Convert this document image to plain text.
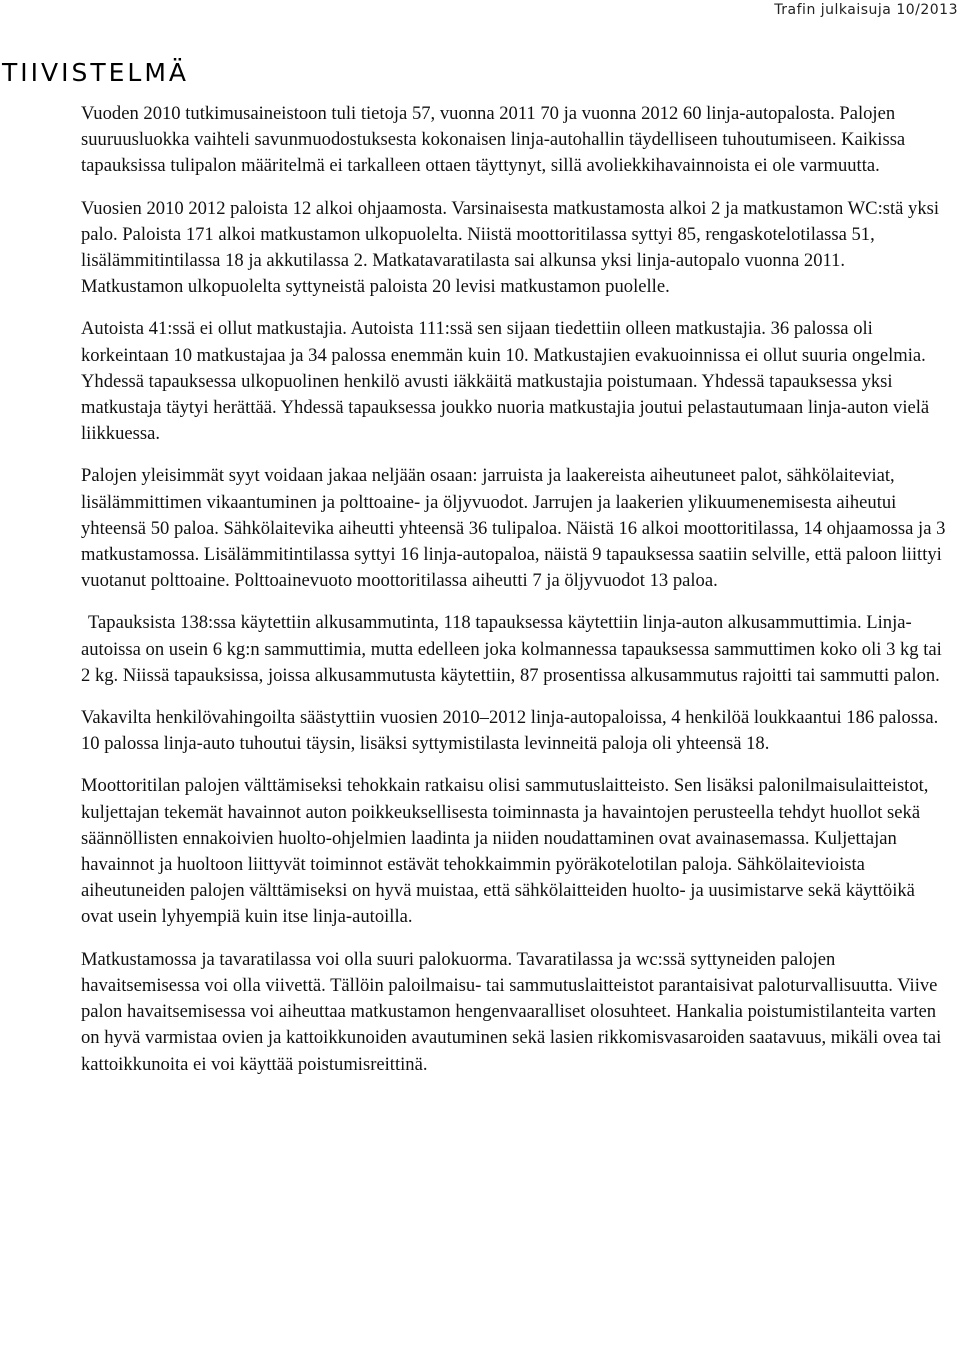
Trafin julkaisuja 10/2013
TIIVISTELMÄ

Vuoden 2010 tutkimusaineistoon tuli tietoja 57, vuonna 2011 70 ja vuonna 2012 60 linja-autopalosta. Palojen suuruusluokka vaihteli savunmuodostuksesta kokonaisen linja-autohallin täydelliseen tuhoutumiseen. Kaikissa tapauksissa tulipalon määritelmä ei tarkalleen ottaen täyttynyt, sillä avoliekkihavainnoista ei ole varmuutta.

Vuosien 2010 2012 paloista 12 alkoi ohjaamosta. Varsinaisesta matkustamosta alkoi 2 ja matkustamon WC:stä yksi palo. Paloista 171 alkoi matkustamon ulkopuolelta. Niistä moottoritilassa syttyi 85, rengaskotelotilassa 51, lisälämmitintilassa 18 ja akkutilassa 2. Matkatavaratilasta sai alkunsa yksi linja-autopalo vuonna 2011. Matkustamon ulkopuolelta syttyneistä paloista 20 levisi matkustamon puolelle.

Autoista 41:ssä ei ollut matkustajia. Autoista 111:ssä sen sijaan tiedettiin olleen matkustajia. 36 palossa oli korkeintaan 10 matkustajaa ja 34 palossa enemmän kuin 10. Matkustajien evakuoinnissa ei ollut suuria ongelmia. Yhdessä tapauksessa ulkopuolinen henkilö avusti iäkkäitä matkustajia poistumaan. Yhdessä tapauksessa yksi matkustaja täytyi herättää. Yhdessä tapauksessa joukko nuoria matkustajia joutui pelastautumaan linja-auton vielä liikkuessa.

Palojen yleisimmät syyt voidaan jakaa neljään osaan: jarruista ja laakereista aiheutuneet palot, sähkölaiteviat, lisälämmittimen vikaantuminen ja polttoaine- ja öljyvuodot. Jarrujen ja laakerien ylikuumenemisesta aiheutui yhteensä 50 paloa. Sähkölaitevika aiheutti yhteensä 36 tulipaloa. Näistä 16 alkoi moottoritilassa, 14 ohjaamossa ja 3 matkustamossa. Lisälämmitintilassa syttyi 16 linja-autopaloa, näistä 9 tapauksessa saatiin selville, että paloon liittyi vuotanut polttoaine. Polttoainevuoto moottoritilassa aiheutti 7 ja öljyvuodot 13 paloa.

Tapauksista 138:ssa käytettiin alkusammutinta, 118 tapauksessa käytettiin linja-auton alkusammuttimia. Linja-autoissa on usein 6 kg:n sammuttimia, mutta edelleen joka kolmannessa tapauksessa sammuttimen koko oli 3 kg tai 2 kg. Niissä tapauksissa, joissa alkusammutusta käytettiin, 87 prosentissa alkusammutus rajoitti tai sammutti palon.

Vakavilta henkilövahingoilta säästyttiin vuosien 2010–2012 linja-autopaloissa, 4 henkilöä loukkaantui 186 palossa. 10 palossa linja-auto tuhoutui täysin, lisäksi syttymistilasta levinneitä paloja oli yhteensä 18.

Moottoritilan palojen välttämiseksi tehokkain ratkaisu olisi sammutuslaitteisto. Sen lisäksi palonilmaisulaitteistot, kuljettajan tekemät havainnot auton poikkeuksellisesta toiminnasta ja havaintojen perusteella tehdyt huollot sekä säännöllisten ennakoivien huolto-ohjelmien laadinta ja niiden noudattaminen ovat avainasemassa. Kuljettajan havainnot ja huoltoon liittyvät toiminnot estävät tehokkaimmin pyöräkotelotilan paloja. Sähkölaitevioista aiheutuneiden palojen välttämiseksi on hyvä muistaa, että sähkölaitteiden huolto- ja uusimistarve sekä käyttöikä ovat usein lyhyempiä kuin itse linja-autoilla.

Matkustamossa ja tavaratilassa voi olla suuri palokuorma. Tavaratilassa ja wc:ssä syttyneiden palojen havaitsemisessa voi olla viivettä. Tällöin paloilmaisu- tai sammutuslaitteistot parantaisivat paloturvallisuutta. Viive palon havaitsemisessa voi aiheuttaa matkustamon hengenvaaralliset olosuhteet. Hankalia poistumistilanteita varten on hyvä varmistaa ovien ja kattoikkunoiden avautuminen sekä lasien rikkomisvasaroiden saatavuus, mikäli ovea tai kattoikkunoita ei voi käyttää poistumisreittinä.
